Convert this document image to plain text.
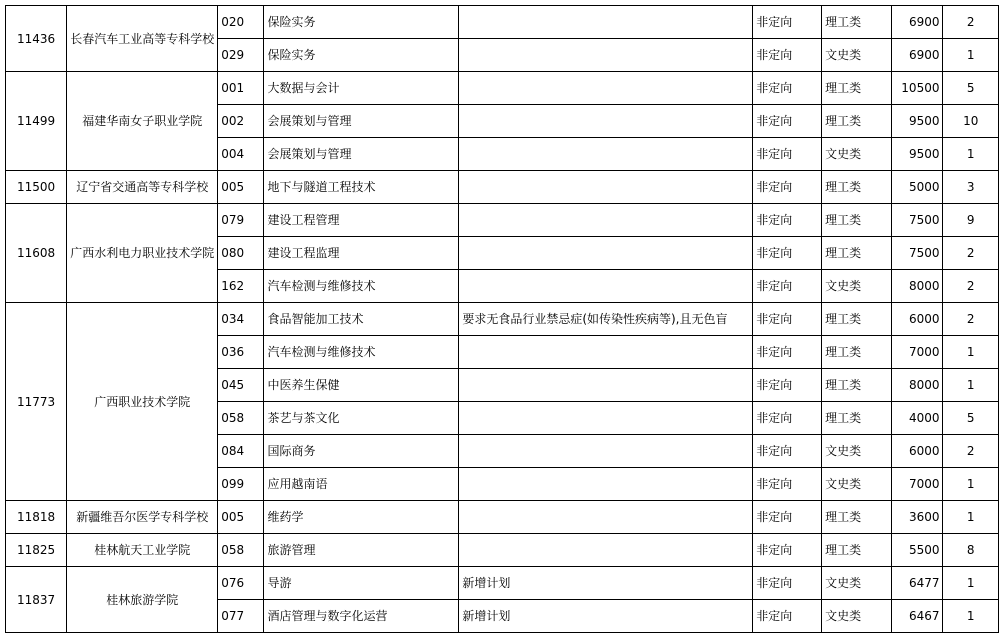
11436	长春汽车工业高等专科学校	020	保险实务		非定向	理工类	6900	2
		029	保险实务		非定向	文史类	6900	1
11499	福建华南女子职业学院	001	大数据与会计		非定向	理工类	10500	5
		002	会展策划与管理		非定向	理工类	9500	10
		004	会展策划与管理		非定向	文史类	9500	1
11500	辽宁省交通高等专科学校	005	地下与隧道工程技术		非定向	理工类	5000	3
11608	广西水利电力职业技术学院	079	建设工程管理		非定向	理工类	7500	9
		080	建设工程监理		非定向	理工类	7500	2
		162	汽车检测与维修技术		非定向	文史类	8000	2
11773	广西职业技术学院	034	食品智能加工技术	要求无食品行业禁忌症(如传染性疾病等),且无色盲	非定向	理工类	6000	2
		036	汽车检测与维修技术		非定向	理工类	7000	1
		045	中医养生保健		非定向	理工类	8000	1
		058	茶艺与茶文化		非定向	理工类	4000	5
		084	国际商务		非定向	文史类	6000	2
		099	应用越南语		非定向	文史类	7000	1
11818	新疆维吾尔医学专科学校	005	维药学		非定向	理工类	3600	1
11825	桂林航天工业学院	058	旅游管理		非定向	理工类	5500	8
11837	桂林旅游学院	076	导游	新增计划	非定向	文史类	6477	1
		077	酒店管理与数字化运营	新增计划	非定向	文史类	6467	1
